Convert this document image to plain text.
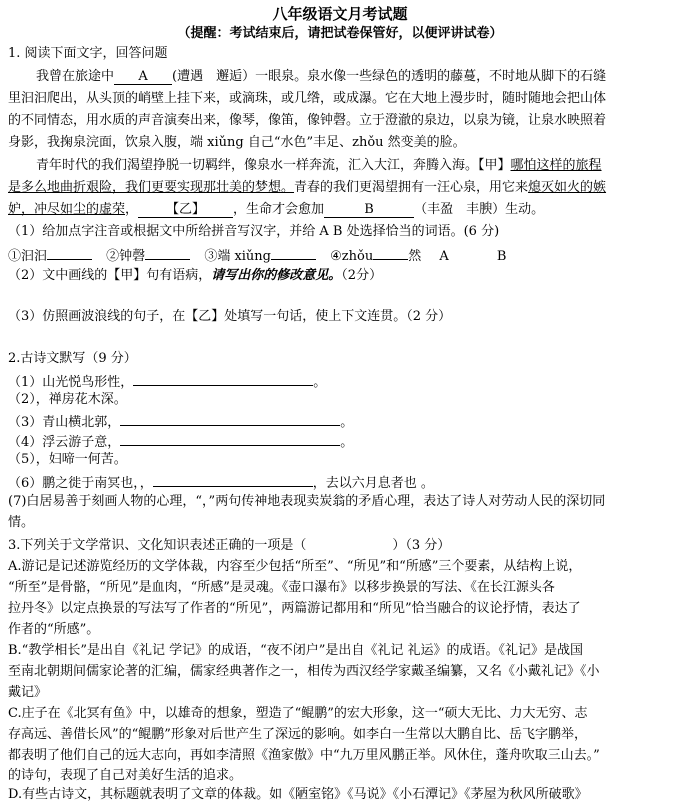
八年级语文月考试题
（提醒：考试结束后，请把试卷保管好，以便评讲试卷）
1. 阅读下面文字，回答问题
我曾在旅途中 A (遭遇　邂逅）一眼泉。泉水像一些绿色的透明的藤蔓，不时地从脚下的石缝
里汩汩爬出，从头顶的峭壁上挂下来，或滴珠，或几绺，或成瀑。它在大地上漫步时，随时随地会把山体
的不同情态，用水质的声音演奏出来，像琴，像笛，像钟磬。立于澄澈的泉边，以泉为镜，让泉水映照着
身影，我掬泉浣面，饮泉入腹，端 xiǔng 自己“水色”丰足、zhǒu 然变美的脸。
青年时代的我们渴望挣脱一切羁绊，像泉水一样奔流，汇入大江，奔腾入海。【甲】哪怕这样的旅程
是多么地曲折艰险，我们更要实现那壮美的梦想。青春的我们更渴望拥有一汪心泉，用它来熄灭如火的嫉
妒，冲尽如尘的虚荣， 【乙】 ，生命才会愈加	B	（丰盈　丰腴）生动。
（1）给加点字注音或根据文中所给拼音写汉字，并给 A B 处选择恰当的词语。(6 分)
①汩汩	②钟磬	③端 xiǔng	④zhǒu	然 A	B
（2）文中画线的【甲】句有语病，请写出你的修改意见。（2分）
（3）仿照画波浪线的句子，在【乙】处填写一句话，使上下文连贯。（2 分）
2.古诗文默写（9 分）
（1）山光悦鸟形性，	。
（2），禅房花木深。
（3）青山横北郭，	。
（4）浮云游子意，	。
（5），妇啼一何苦。
（6）鹏之徙于南冥也，，	，去以六月息者也 。
(7)白居易善于刻画人物的心理，“，”两句传神地表现卖炭翁的矛盾心理，表达了诗人对劳动人民的深切同
情。
3.下列关于文学常识、文化知识表述正确的一项是（	）（3 分）
A.游记是记述游览经历的文学体裁，内容至少包括“所至”、“所见”和“所感”三个要素，从结构上说，
“所至”是骨骼，“所见”是血肉，“所感”是灵魂。《壶口瀑布》以移步换景的写法、《在长江源头各
拉丹冬》以定点换景的写法写了作者的“所见”，两篇游记都用和“所见”恰当融合的议论抒情，表达了
作者的“所感”。
B.“教学相长”是出自《礼记 学记》的成语，“夜不闭户”是出自《礼记 礼运》的成语。《礼记》是战国
至南北朝期间儒家论著的汇编，儒家经典著作之一，相传为西汉经学家戴圣编纂，又名《小戴礼记》《小
戴记》
C.庄子在《北冥有鱼》中，以雄奇的想象，塑造了“鲲鹏”的宏大形象，这一“硕大无比、力大无穷、志
存高远、善借长风”的“鲲鹏”形象对后世产生了深远的影响。如李白一生常以大鹏自比、岳飞字鹏举，
都表明了他们自己的远大志向，再如李清照《渔家傲》中“九万里风鹏正举。风休住，蓬舟吹取三山去。”
的诗句，表现了自己对美好生活的追求。
D.有些古诗文，其标题就表明了文章的体裁。如《陋室铭》《马说》《小石潭记》《茅屋为秋风所破歌》
